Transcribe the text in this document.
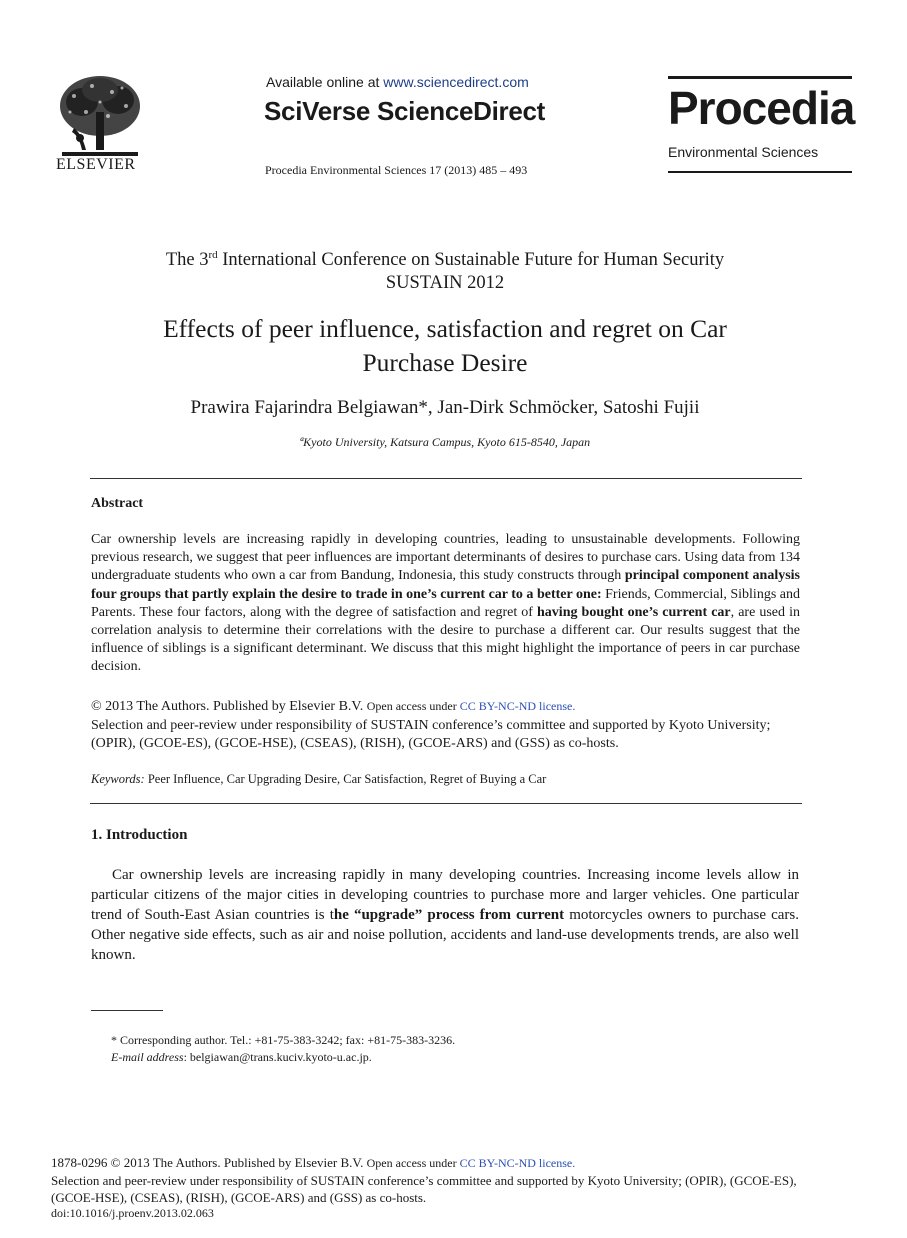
ELSEVIER
Available online at www.sciencedirect.com
SciVerse ScienceDirect
Procedia Environmental Sciences 17 (2013) 485 – 493
Procedia
Environmental Sciences
The 3rd International Conference on Sustainable Future for Human Security
SUSTAIN 2012
Effects of peer influence, satisfaction and regret on Car
Purchase Desire
Prawira Fajarindra Belgiawan*, Jan-Dirk Schmöcker, Satoshi Fujii
ªKyoto University, Katsura Campus, Kyoto 615-8540, Japan
Abstract
Car ownership levels are increasing rapidly in developing countries, leading to unsustainable developments. Following previous research, we suggest that peer influences are important determinants of desires to purchase cars. Using data from 134 undergraduate students who own a car from Bandung, Indonesia, this study constructs through principal component analysis four groups that partly explain the desire to trade in one’s current car to a better one: Friends, Commercial, Siblings and Parents. These four factors, along with the degree of satisfaction and regret of having bought one’s current car, are used in correlation analysis to determine their correlations with the desire to purchase a different car. Our results suggest that the influence of siblings is a significant determinant. We discuss that this might highlight the importance of peers in car purchase decision.
© 2013 The Authors. Published by Elsevier B.V. Open access under CC BY-NC-ND license.
Selection and peer-review under responsibility of SUSTAIN conference’s committee and supported by Kyoto University; (OPIR), (GCOE-ES), (GCOE-HSE), (CSEAS), (RISH), (GCOE-ARS) and (GSS) as co-hosts.
Keywords: Peer Influence, Car Upgrading Desire, Car Satisfaction, Regret of Buying a Car
1. Introduction
Car ownership levels are increasing rapidly in many developing countries. Increasing income levels allow in particular citizens of the major cities in developing countries to purchase more and larger vehicles. One particular trend of South-East Asian countries is the “upgrade” process from current motorcycles owners to purchase cars. Other negative side effects, such as air and noise pollution, accidents and land-use developments trends, are also well known.
* Corresponding author. Tel.: +81-75-383-3242; fax: +81-75-383-3236.
E-mail address: belgiawan@trans.kuciv.kyoto-u.ac.jp.
1878-0296 © 2013 The Authors. Published by Elsevier B.V. Open access under CC BY-NC-ND license.
Selection and peer-review under responsibility of SUSTAIN conference’s committee and supported by Kyoto University; (OPIR), (GCOE-ES), (GCOE-HSE), (CSEAS), (RISH), (GCOE-ARS) and (GSS) as co-hosts.
doi:10.1016/j.proenv.2013.02.063
